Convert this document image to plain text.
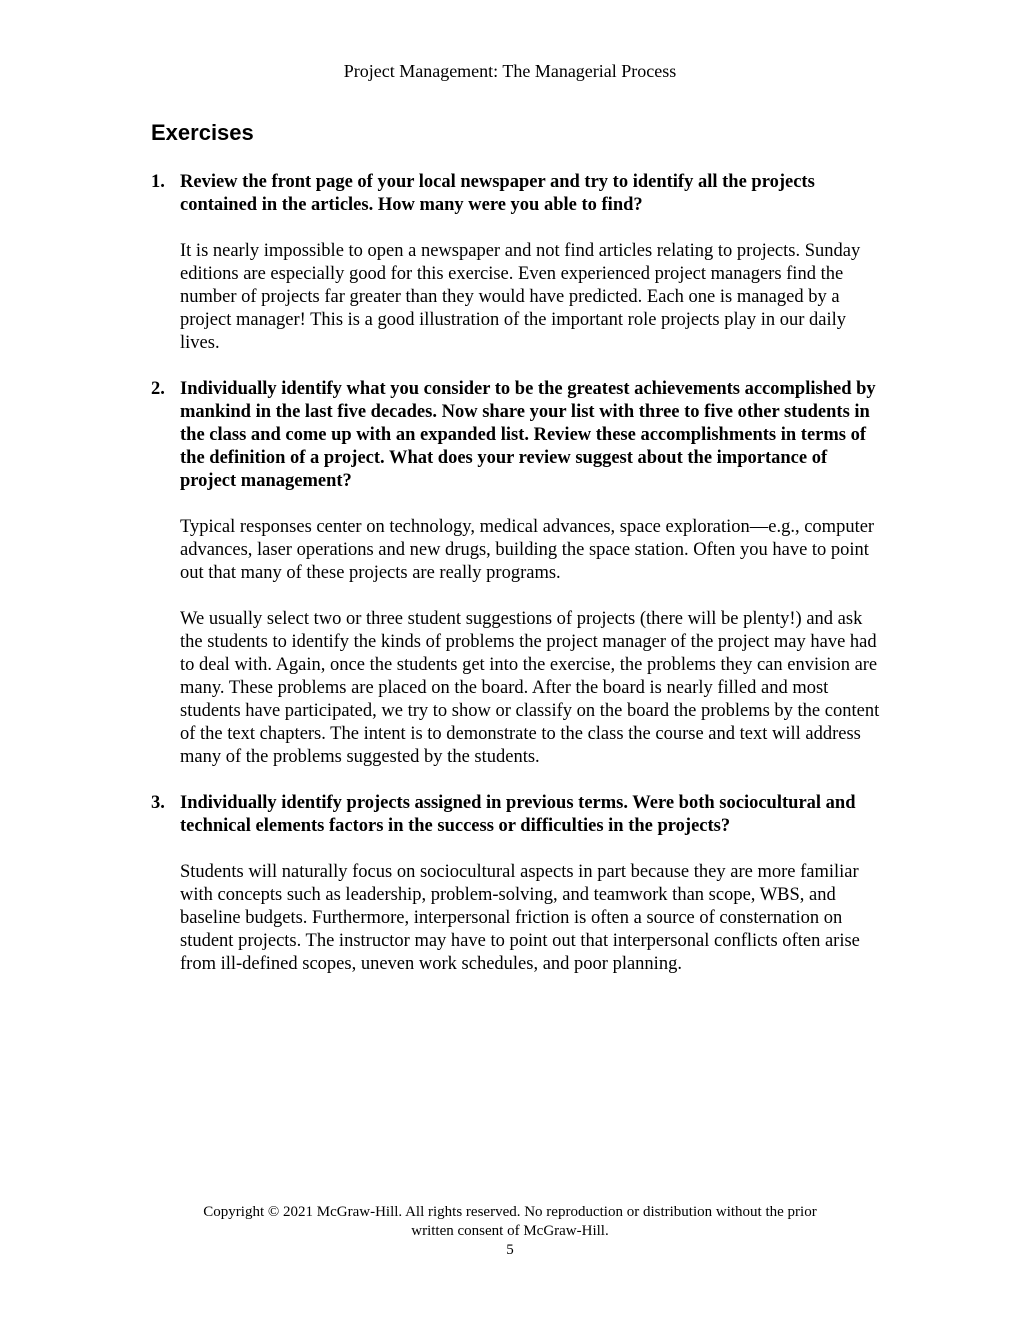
Project Management: The Managerial Process
Exercises
1. Review the front page of your local newspaper and try to identify all the projects contained in the articles. How many were you able to find?

It is nearly impossible to open a newspaper and not find articles relating to projects. Sunday editions are especially good for this exercise. Even experienced project managers find the number of projects far greater than they would have predicted. Each one is managed by a project manager! This is a good illustration of the important role projects play in our daily lives.

2. Individually identify what you consider to be the greatest achievements accomplished by mankind in the last five decades. Now share your list with three to five other students in the class and come up with an expanded list. Review these accomplishments in terms of the definition of a project. What does your review suggest about the importance of project management?

Typical responses center on technology, medical advances, space exploration—e.g., computer advances, laser operations and new drugs, building the space station. Often you have to point out that many of these projects are really programs.

We usually select two or three student suggestions of projects (there will be plenty!) and ask the students to identify the kinds of problems the project manager of the project may have had to deal with. Again, once the students get into the exercise, the problems they can envision are many. These problems are placed on the board. After the board is nearly filled and most students have participated, we try to show or classify on the board the problems by the content of the text chapters. The intent is to demonstrate to the class the course and text will address many of the problems suggested by the students.

3. Individually identify projects assigned in previous terms. Were both sociocultural and technical elements factors in the success or difficulties in the projects?

Students will naturally focus on sociocultural aspects in part because they are more familiar with concepts such as leadership, problem-solving, and teamwork than scope, WBS, and baseline budgets. Furthermore, interpersonal friction is often a source of consternation on student projects. The instructor may have to point out that interpersonal conflicts often arise from ill-defined scopes, uneven work schedules, and poor planning.

Copyright © 2021 McGraw-Hill. All rights reserved. No reproduction or distribution without the prior

written consent of McGraw-Hill.

5
